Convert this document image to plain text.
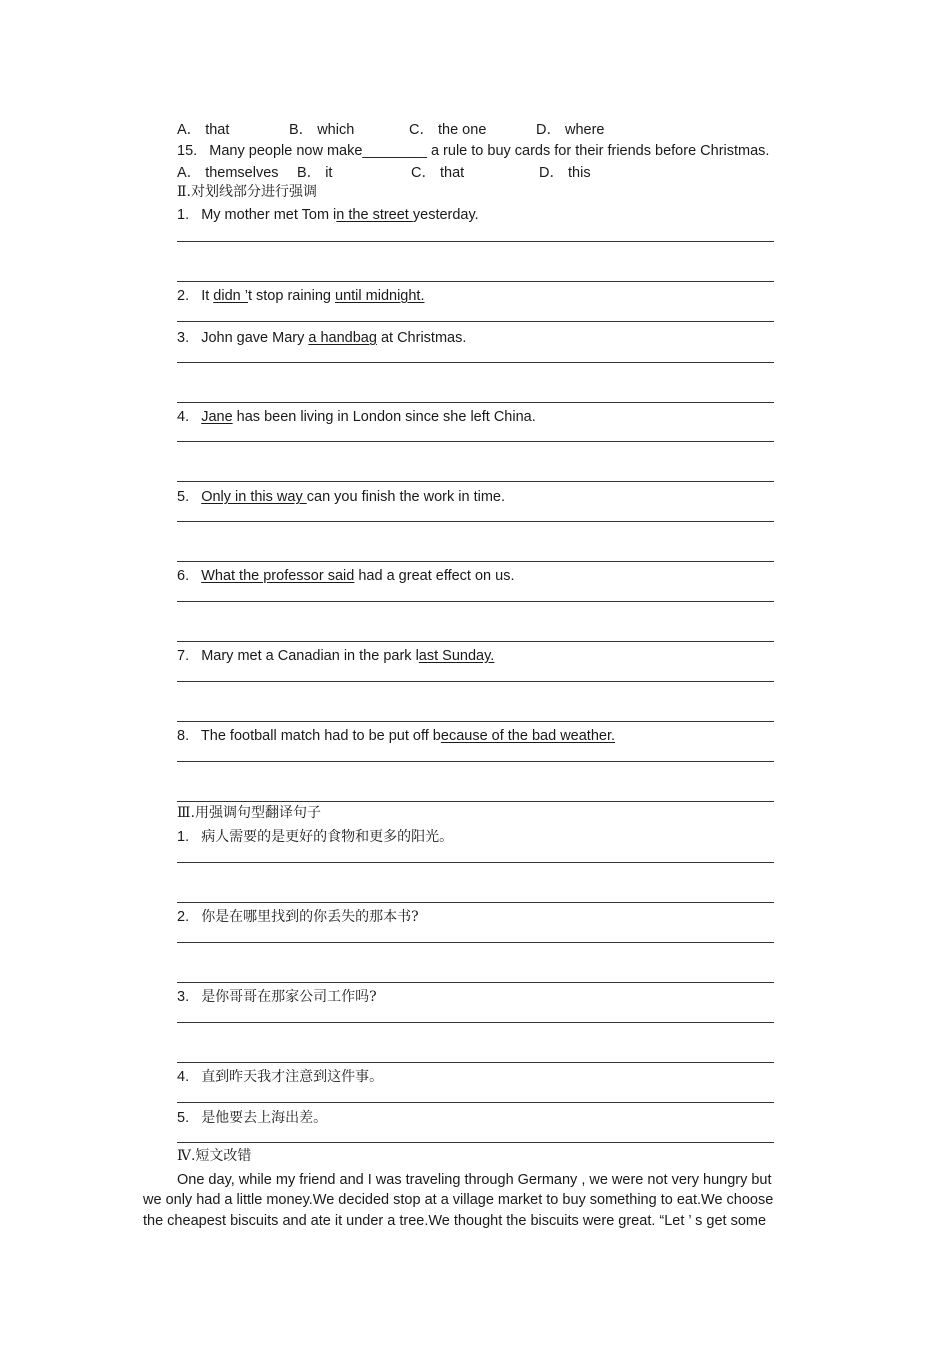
A． that	B． which	C． the one	D． where
15. Many people now make________ a rule to buy cards for their friends before Christmas.
A． themselves B． it	C． that	D． this
Ⅱ.对划线部分进行强调
1. My mother met Tom in the street yesterday.
2. It didn ’t stop raining until midnight.
3. John gave Mary a handbag at Christmas.
4. Jane has been living in London since she left China.
5. Only in this way can you finish the work in time.
6. What the professor said had a great effect on us.
7. Mary met a Canadian in the park last Sunday.
8. The football match had to be put off because of the bad weather.
Ⅲ.用强调句型翻译句子
1. 病人需要的是更好的食物和更多的阳光。
2. 你是在哪里找到的你丢失的那本书?
3. 是你哥哥在那家公司工作吗?
4. 直到昨天我才注意到这件事。
5. 是他要去上海出差。
Ⅳ.短文改错
One day, while my friend and I was traveling through Germany , we were not very hungry but
we only had a little money.We decided stop at a village market to buy something to eat.We choose
the cheapest biscuits and ate it under a tree.We thought the biscuits were great. “Let ’ s get some
